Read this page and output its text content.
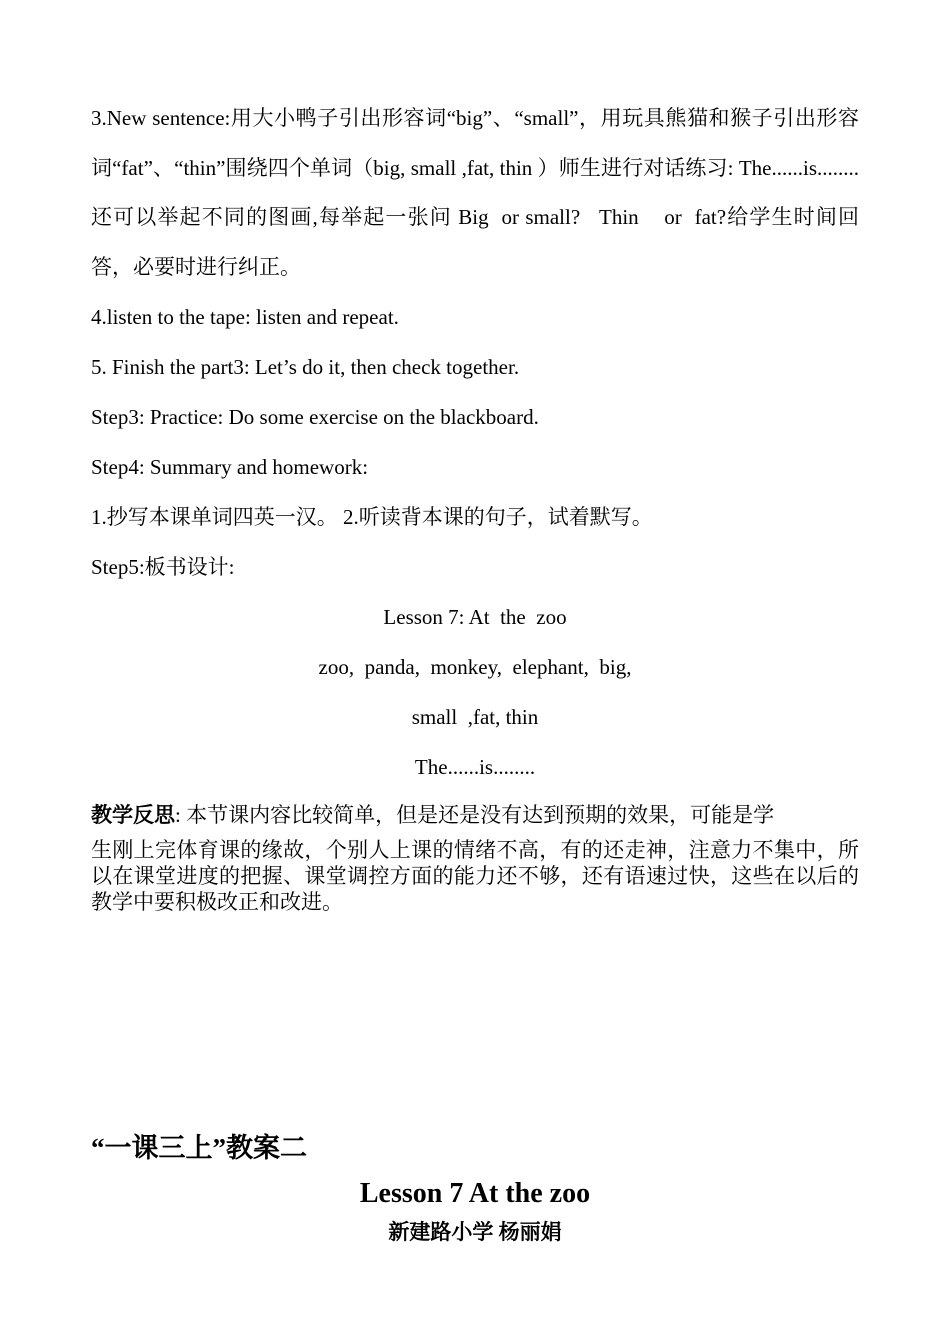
3.New sentence:用大小鸭子引出形容词“big”、“small”，用玩具熊猫和猴子引出形容词“fat”、“thin”围绕四个单词（big, small ,fat, thin ）师生进行对话练习: The......is........还可以举起不同的图画,每举起一张问 Big  or small?   Thin    or  fat?给学生时间回答，必要时进行纠正。

4.listen to the tape: listen and repeat.

5. Finish the part3: Let’s do it, then check together.

Step3: Practice: Do some exercise on the blackboard.

Step4: Summary and homework:

1.抄写本课单词四英一汉。 2.听读背本课的句子，试着默写。

Step5:板书设计:

Lesson 7: At  the  zoo

zoo,  panda,  monkey,  elephant,  big,

small  ,fat, thin

The......is........

教学反思: 本节课内容比较简单，但是还是没有达到预期的效果，可能是学

生刚上完体育课的缘故，个别人上课的情绪不高，有的还走神，注意力不集中，所以在课堂进度的把握、课堂调控方面的能力还不够，还有语速过快，这些在以后的教学中要积极改正和改进。

“一课三上”教案二
Lesson 7 At the zoo
新建路小学 杨丽娟
